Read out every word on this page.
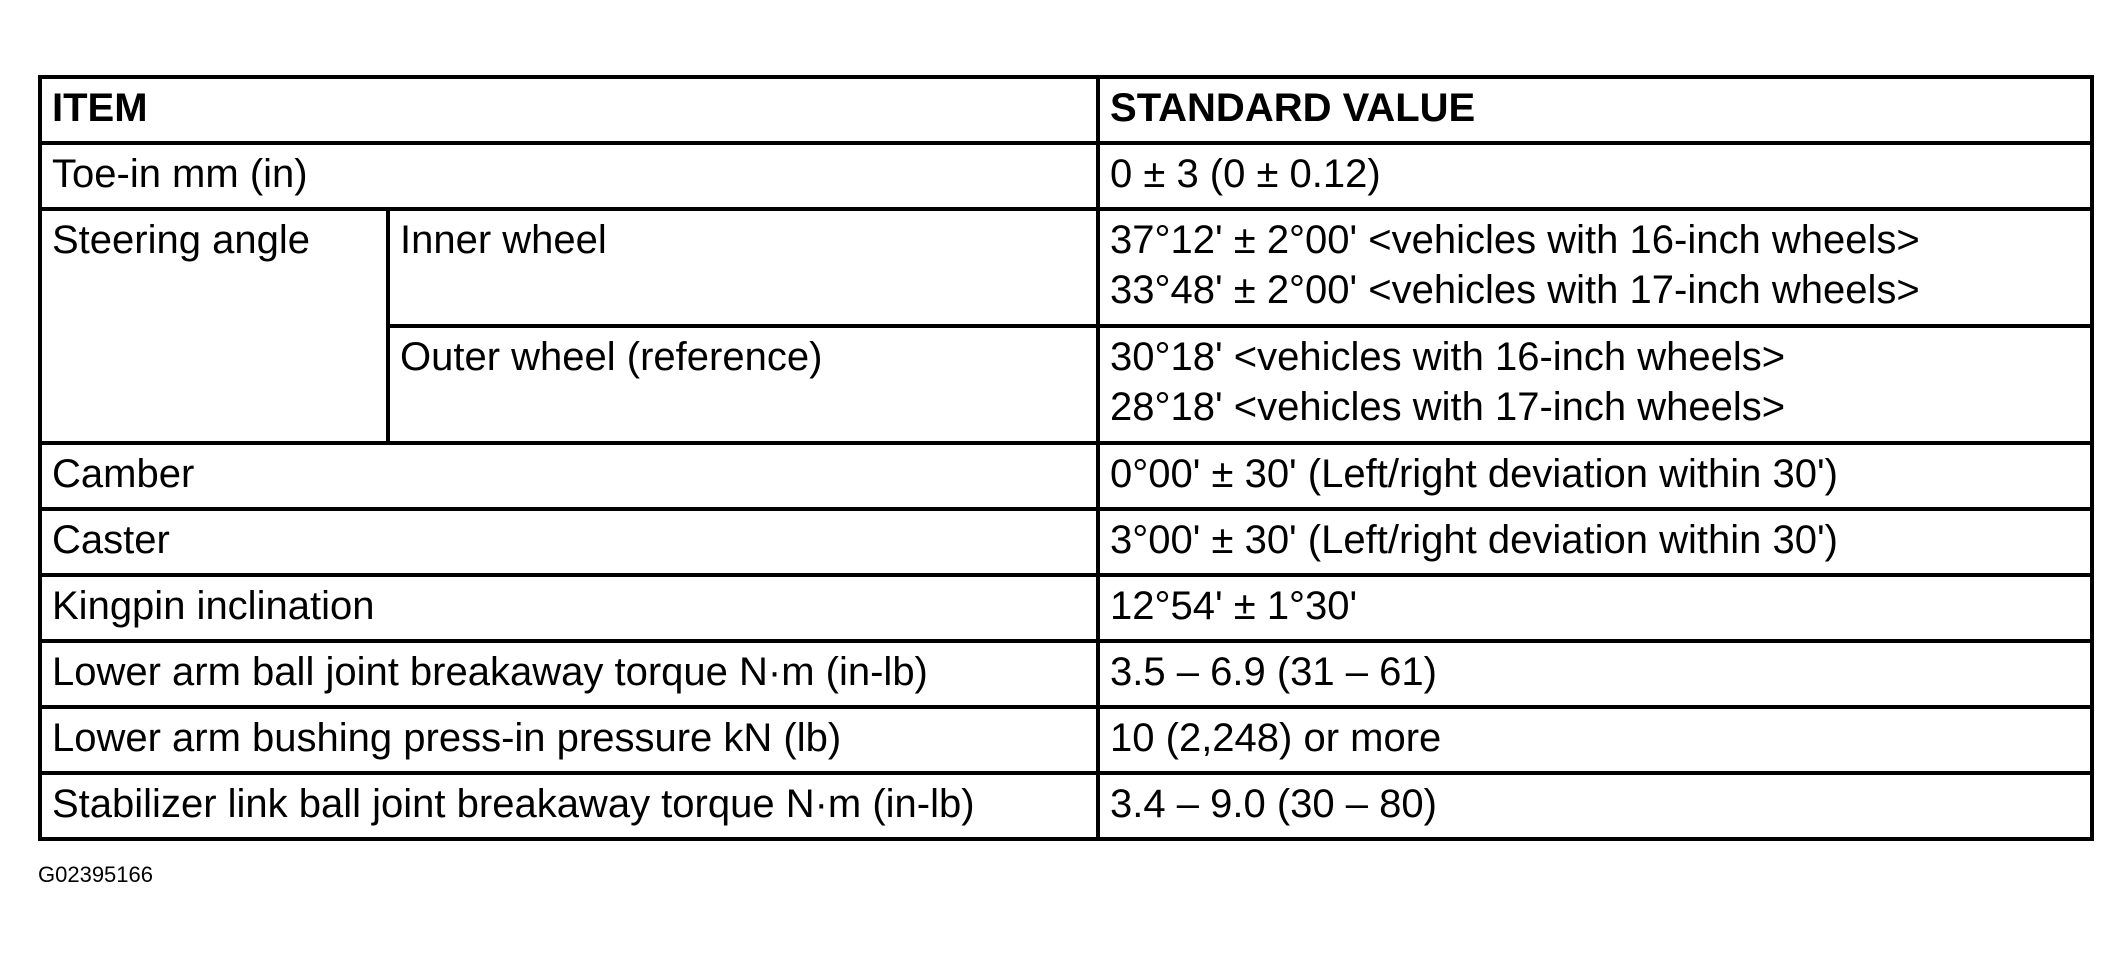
ITEM		STANDARD VALUE
Toe-in mm (in)		0 ± 3 (0 ± 0.12)
Steering angle	Inner wheel	37°12' ± 2°00' <vehicles with 16-inch wheels>
33°48' ± 2°00' <vehicles with 17-inch wheels>

	Outer wheel (reference)	30°18' <vehicles with 16-inch wheels>
28°18' <vehicles with 17-inch wheels>

Camber		0°00' ± 30' (Left/right deviation within 30')
Caster		3°00' ± 30' (Left/right deviation within 30')
Kingpin inclination		12°54' ± 1°30'
Lower arm ball joint breakaway torque N·m (in-lb)		3.5 – 6.9 (31 – 61)
Lower arm bushing press-in pressure kN (lb)		10 (2,248) or more
Stabilizer link ball joint breakaway torque N·m (in-lb)		3.4 – 9.0 (30 – 80)
G02395166
